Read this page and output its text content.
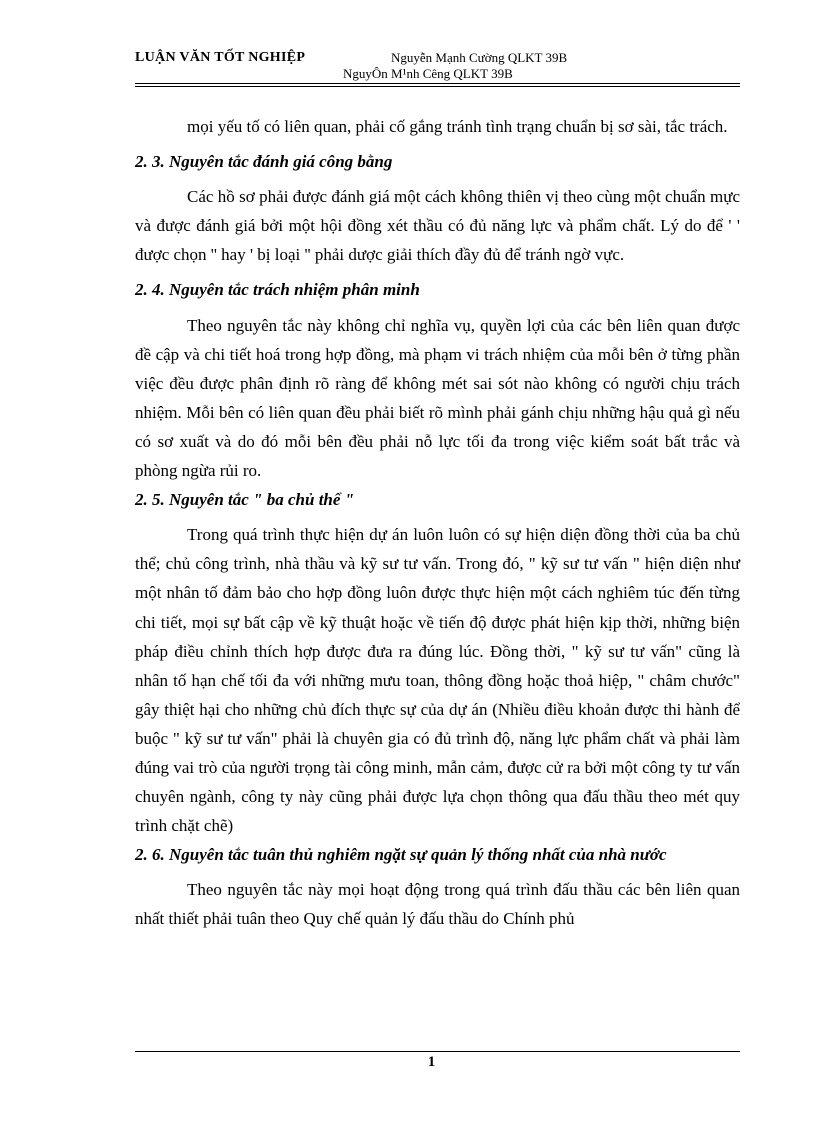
LUẬN VĂN TỐT NGHIỆP	Nguyễn Mạnh Cường QLKT 39B
NguyÔn M¹nh Cêng QLKT 39B

mọi yếu tố có liên quan, phải cố gắng tránh tình trạng chuẩn bị sơ sài, tắc trách.

2. 3. Nguyên tắc đánh giá công bằng

Các hồ sơ phải được đánh giá một cách không thiên vị theo cùng một chuẩn mực và được đánh giá bởi một hội đồng xét thầu có đủ năng lực và phẩm chất. Lý do để ' ' được chọn '' hay ' bị loại '' phải dược giải thích đầy đủ để tránh ngờ vực.

2. 4. Nguyên tắc trách nhiệm phân minh

Theo nguyên tắc này không chỉ nghĩa vụ, quyền lợi của các bên liên quan được đề cập và chi tiết hoá trong hợp đồng, mà phạm vi trách nhiệm của mỗi bên ở từng phần việc đều được phân định rõ ràng để không mét sai sót nào không có người chịu trách nhiệm. Mỗi bên có liên quan đều phải biết rõ mình phải gánh chịu những hậu quả gì nếu có sơ xuất và do đó mỗi bên đều phải nỗ lực tối đa trong việc kiểm soát bất trắc và phòng ngừa rủi ro.

2. 5. Nguyên tắc " ba chủ thể "

Trong quá trình thực hiện dự án luôn luôn có sự hiện diện đồng thời của ba chủ thể; chủ công trình, nhà thầu và kỹ sư tư vấn. Trong đó, " kỹ sư tư vấn " hiện diện như một nhân tố đảm bảo cho hợp đồng luôn được thực hiện một cách nghiêm túc đến từng chi tiết, mọi sự bất cập về kỹ thuật hoặc về tiến độ được phát hiện kịp thời, những biện pháp điều chỉnh thích hợp được đưa ra đúng lúc. Đồng thời, " kỹ sư tư vấn" cũng là nhân tố hạn chế tối đa với những mưu toan, thông đồng hoặc thoả hiệp, " châm chước" gây thiệt hại cho những chủ đích thực sự của dự án (Nhiều điều khoản được thi hành để buộc " kỹ sư tư vấn" phải là chuyên gia có đủ trình độ, năng lực phẩm chất và phải làm đúng vai trò của người trọng tài công minh, mẫn cảm, được cử ra bởi một công ty tư vấn chuyên ngành, công ty này cũng phải được lựa chọn thông qua đấu thầu theo mét quy trình chặt chẽ)

2. 6. Nguyên tắc tuân thủ nghiêm ngặt sự quản lý thống nhất của nhà nước

Theo nguyên tắc này mọi hoạt động trong quá trình đấu thầu các bên liên quan nhất thiết phải tuân theo Quy chế quản lý đấu thầu do Chính phủ

1
